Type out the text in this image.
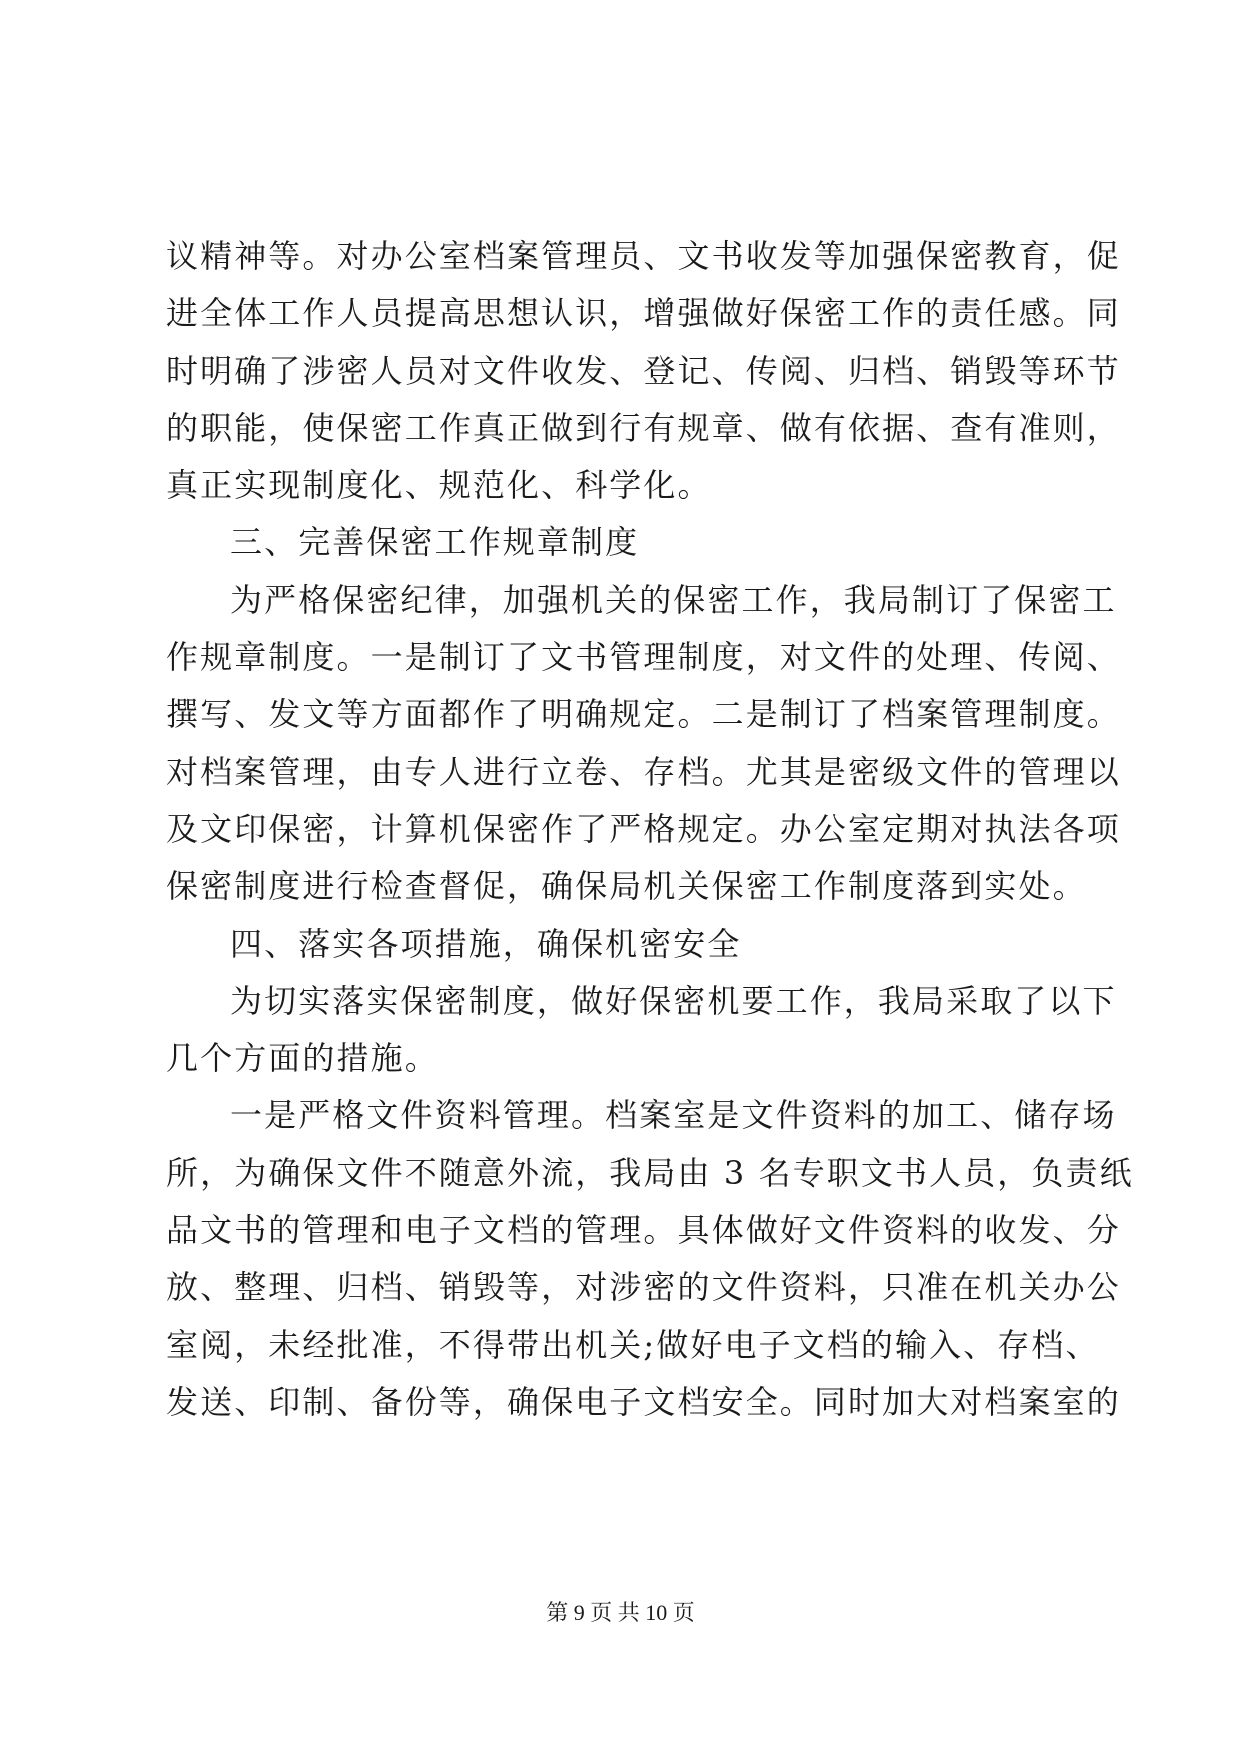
议精神等。对办公室档案管理员、文书收发等加强保密教育，促
进全体工作人员提高思想认识，增强做好保密工作的责任感。同
时明确了涉密人员对文件收发、登记、传阅、归档、销毁等环节
的职能，使保密工作真正做到行有规章、做有依据、查有准则，
真正实现制度化、规范化、科学化。
三、完善保密工作规章制度
为严格保密纪律，加强机关的保密工作，我局制订了保密工
作规章制度。一是制订了文书管理制度，对文件的处理、传阅、
撰写、发文等方面都作了明确规定。二是制订了档案管理制度。
对档案管理，由专人进行立卷、存档。尤其是密级文件的管理以
及文印保密，计算机保密作了严格规定。办公室定期对执法各项
保密制度进行检查督促，确保局机关保密工作制度落到实处。
四、落实各项措施，确保机密安全
为切实落实保密制度，做好保密机要工作，我局采取了以下
几个方面的措施。
一是严格文件资料管理。档案室是文件资料的加工、储存场
所，为确保文件不随意外流，我局由 3 名专职文书人员，负责纸
品文书的管理和电子文档的管理。具体做好文件资料的收发、分
放、整理、归档、销毁等，对涉密的文件资料，只准在机关办公
室阅，未经批准，不得带出机关;做好电子文档的输入、存档、
发送、印制、备份等，确保电子文档安全。同时加大对档案室的
第 9 页 共 10 页
